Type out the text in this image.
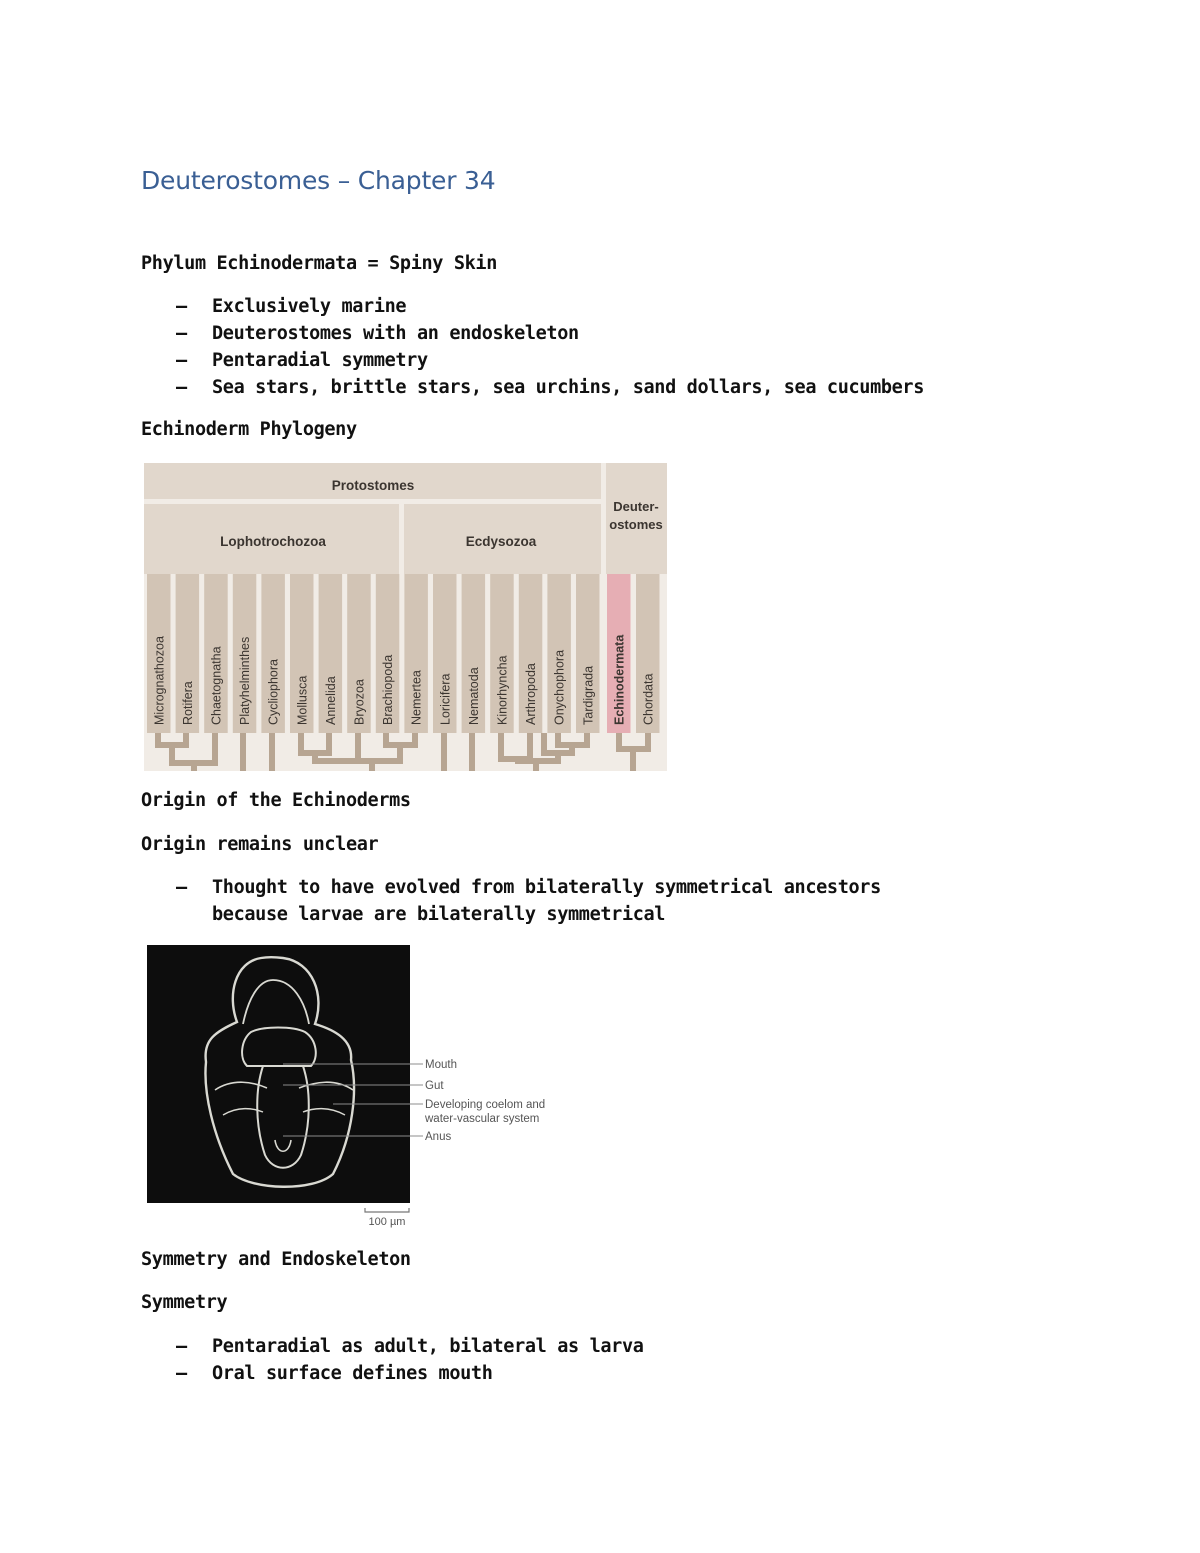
Deuterostomes – Chapter 34
Phylum Echinodermata = Spiny Skin
– Exclusively marine
– Deuterostomes with an endoskeleton
– Pentaradial symmetry
– Sea stars, brittle stars, sea urchins, sand dollars, sea cucumbers
Echinoderm Phylogeny
Protostomes
Lophotrochozoa	Ecdysozoa
Deuter-
ostomes
Micrognathozoa Rotifera Chaetognatha Platyhelminthes Cycliophora Mollusca Annelida Bryozoa Brachiopoda Nemertea Loricifera Nematoda Kinorhyncha Arthropoda Onychophora Tardigrada Echinodermata Chordata
Origin of the Echinoderms
Origin remains unclear
– Thought to have evolved from bilaterally symmetrical ancestors
because larvae are bilaterally symmetrical
Mouth
Gut
Developing coelom and
water-vascular system
Anus
100 µm
Symmetry and Endoskeleton
Symmetry
– Pentaradial as adult, bilateral as larva
– Oral surface defines mouth
